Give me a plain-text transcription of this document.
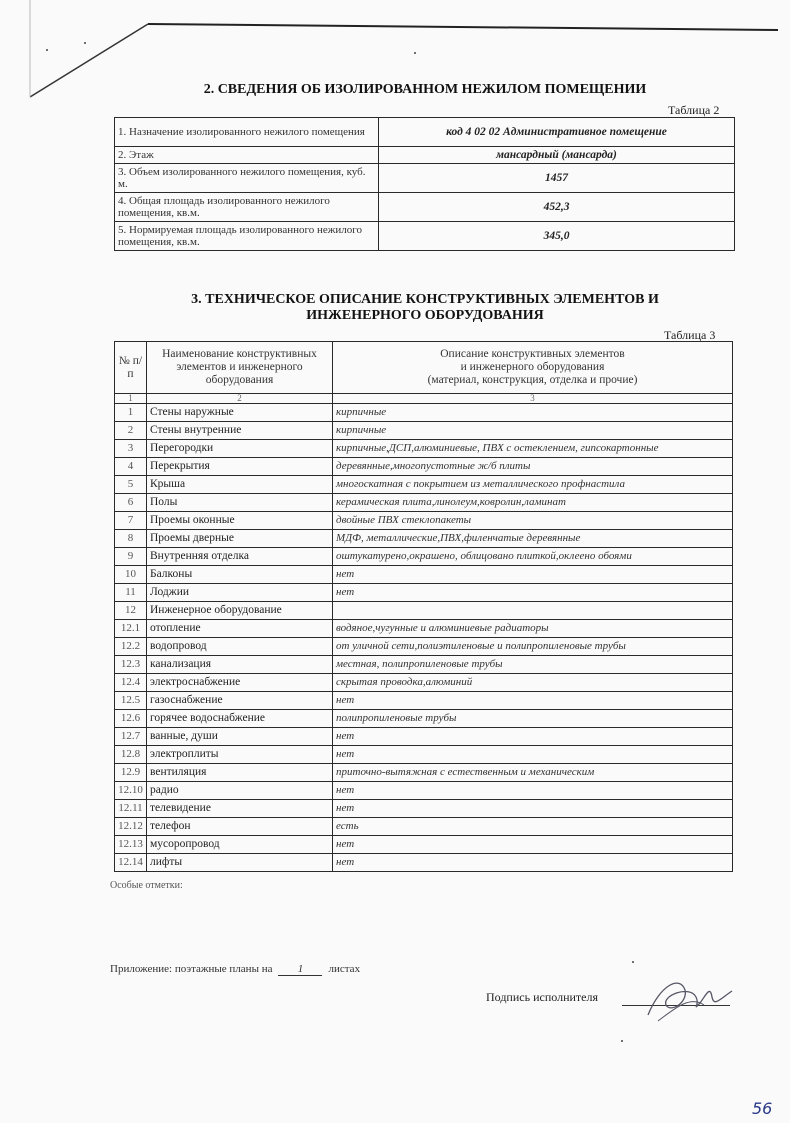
2. СВЕДЕНИЯ ОБ ИЗОЛИРОВАННОМ НЕЖИЛОМ ПОМЕЩЕНИИ
Таблица 2
1. Назначение изолированного нежилого помещения	код 4 02 02 Административное помещение
2. Этаж	мансардный (мансарда)
3. Объем изолированного нежилого помещения, куб. м.	1457
4. Общая площадь изолированного нежилого помещения, кв.м.	452,3
5. Нормируемая площадь изолированного нежилого помещения, кв.м.	345,0
3. ТЕХНИЧЕСКОЕ ОПИСАНИЕ КОНСТРУКТИВНЫХ ЭЛЕМЕНТОВ И
ИНЖЕНЕРНОГО ОБОРУДОВАНИЯ
Таблица 3
№ п/п	Наименование конструктивных элементов и инженерного оборудования	Описание конструктивных элементов
и инженерного оборудования
(материал, конструкция, отделка и прочие)

1	2	3
1	Стены наружные	кирпичные
2	Стены внутренние	кирпичные
3	Перегородки	кирпичные,ДСП,алюминиевые, ПВХ с остеклением, гипсокартонные
4	Перекрытия	деревянные,многопустотные ж/б плиты
5	Крыша	многоскатная с покрытием из металлического профнастила
6	Полы	керамическая плита,линолеум,ковролин,ламинат
7	Проемы оконные	двойные ПВХ стеклопакеты
8	Проемы дверные	МДФ, металлические,ПВХ,филенчатые деревянные
9	Внутренняя отделка	оштукатурено,окрашено, облицовано плиткой,оклеено обоями
10	Балконы	нет
11	Лоджии	нет
12	Инженерное оборудование	
12.1	отопление	водяное,чугунные и алюминиевые радиаторы
12.2	водопровод	от уличной сети,полиэтиленовые и полипропиленовые трубы
12.3	канализация	местная, полипропиленовые трубы
12.4	электроснабжение	скрытая проводка,алюминий
12.5	газоснабжение	нет
12.6	горячее водоснабжение	полипропиленовые трубы
12.7	ванные, души	нет
12.8	электроплиты	нет
12.9	вентиляция	приточно-вытяжная с естественным и механическим
12.10	радио	нет
12.11	телевидение	нет
12.12	телефон	есть
12.13	мусоропровод	нет
12.14	лифты	нет
Особые отметки:
Приложение: поэтажные планы на 1 листах
Подпись исполнителя
56
